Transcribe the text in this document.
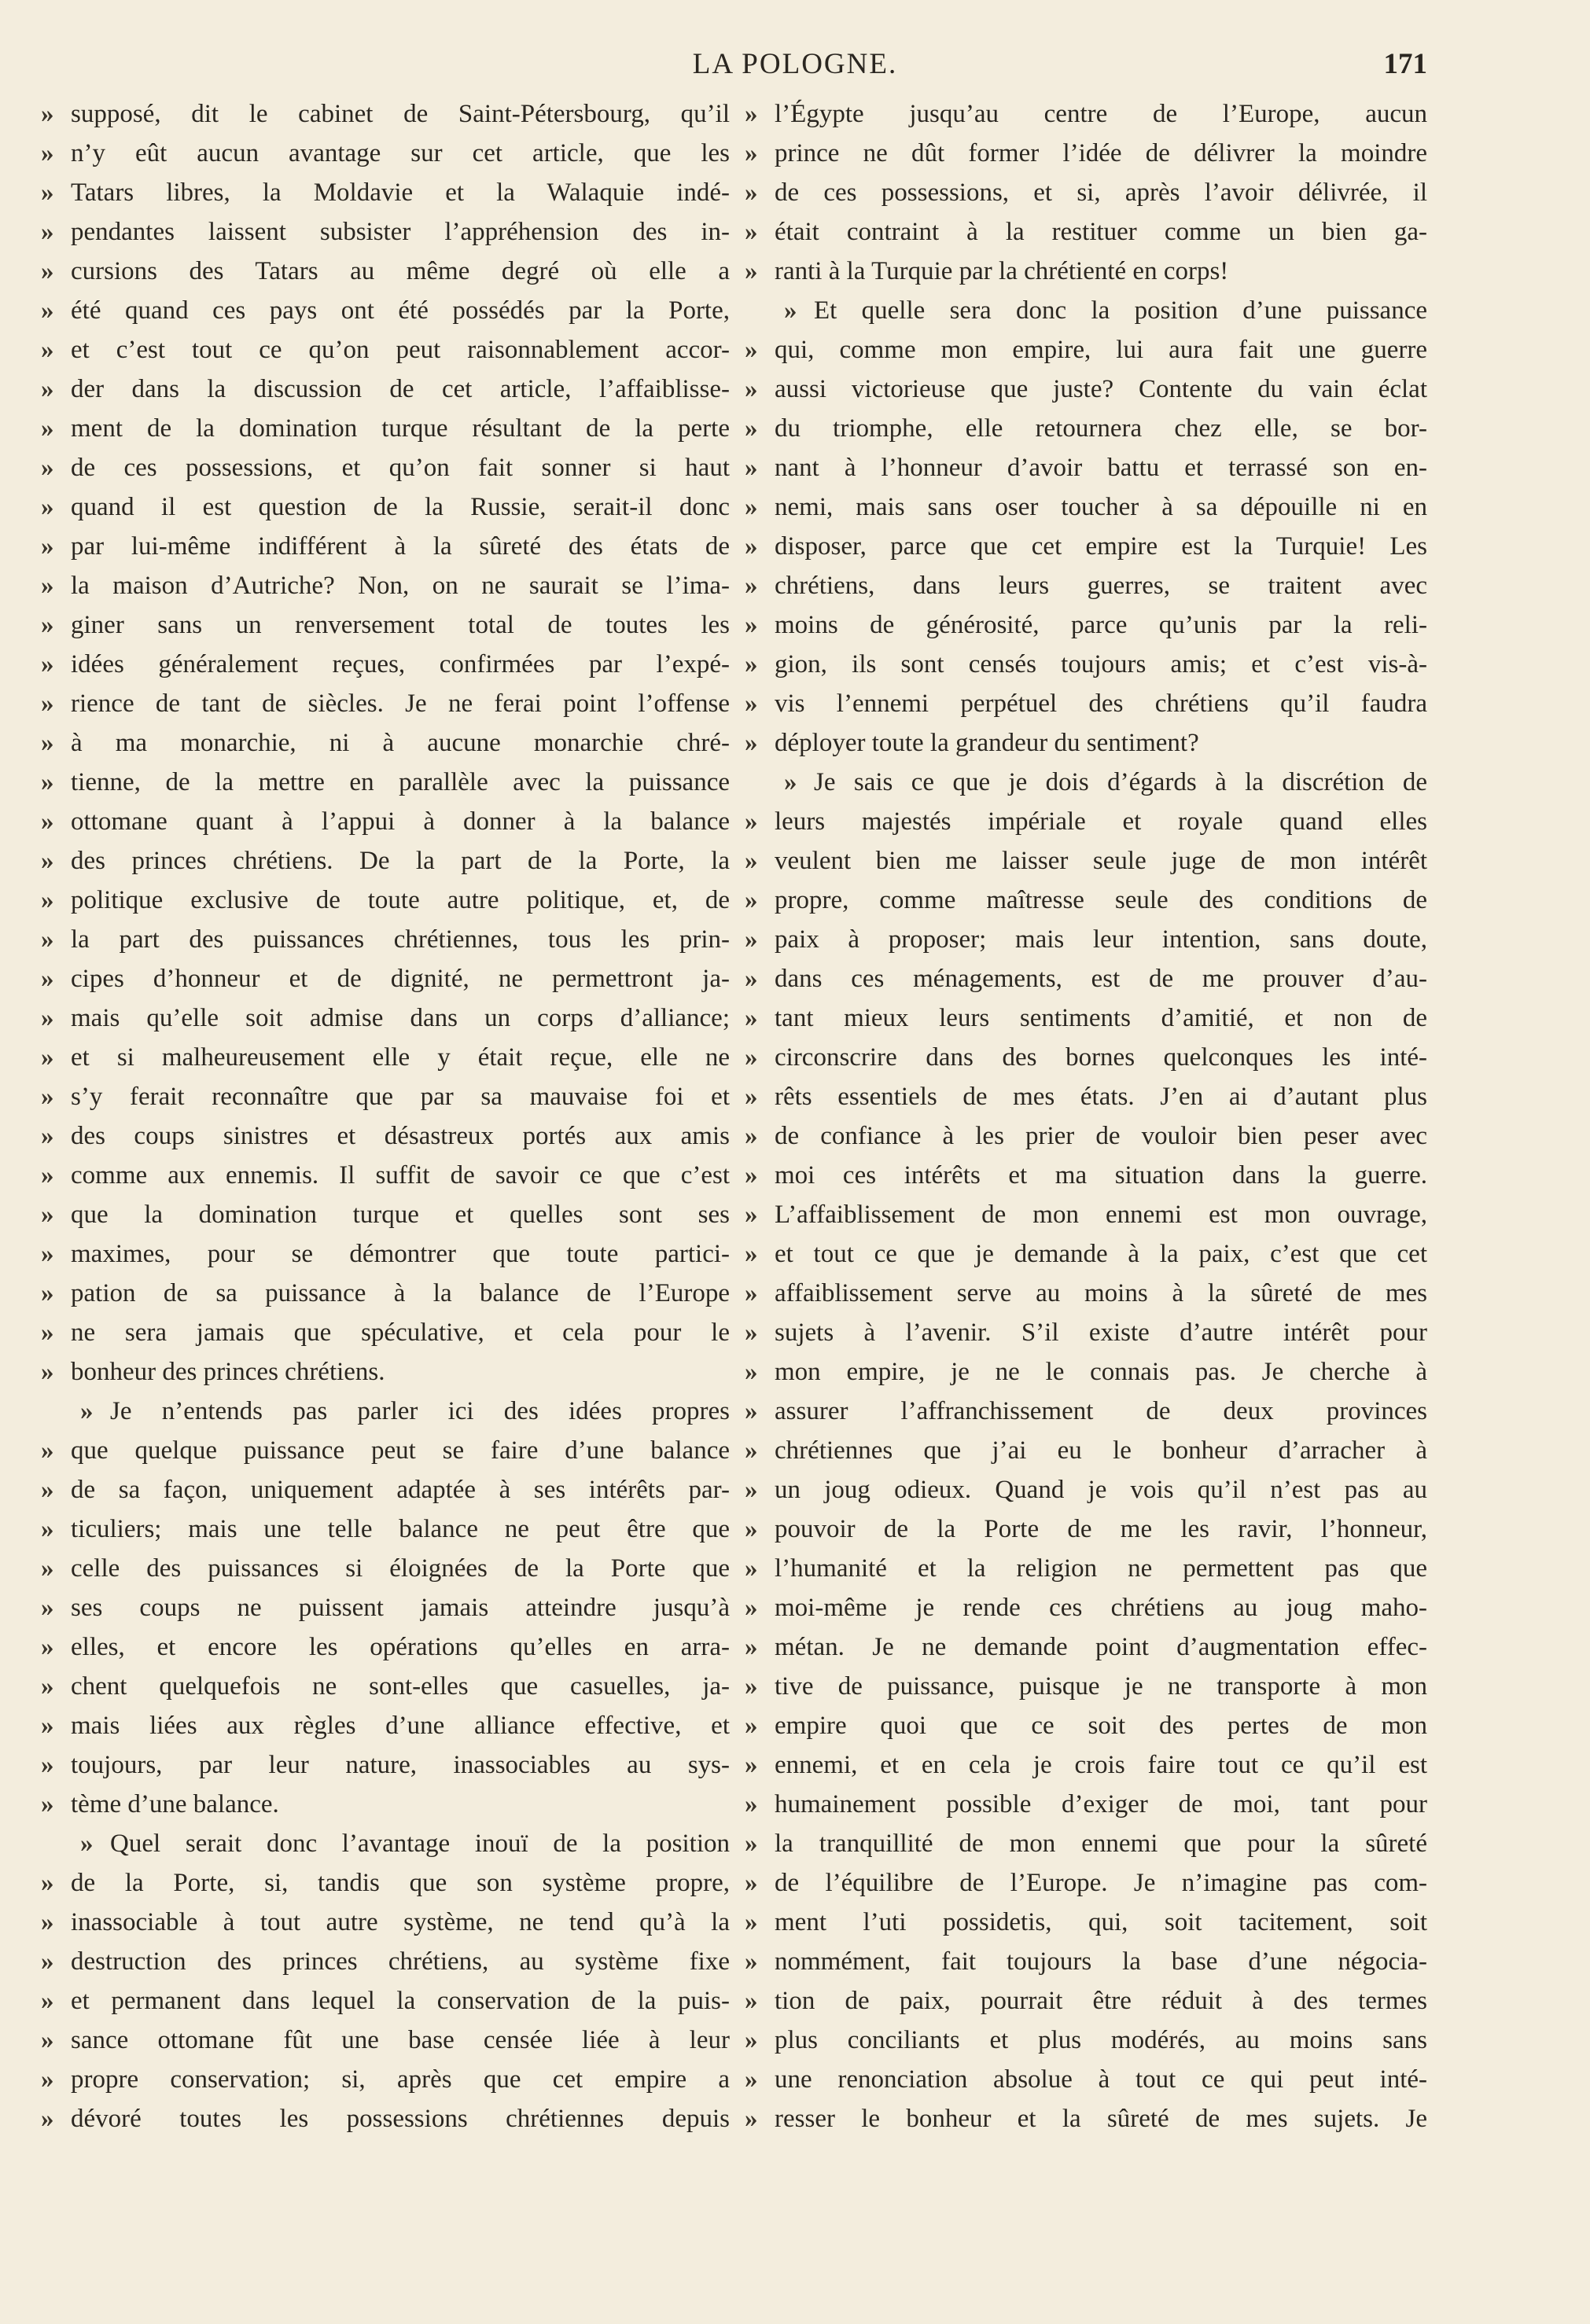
LA POLOGNE.	171
» supposé, dit le cabinet de Saint-Pétersbourg, qu’il
» n’y eût aucun avantage sur cet article, que les
» Tatars libres, la Moldavie et la Walaquie indé-
» pendantes laissent subsister l’appréhension des in-
» cursions des Tatars au même degré où elle a
» été quand ces pays ont été possédés par la Porte,
» et c’est tout ce qu’on peut raisonnablement accor-
» der dans la discussion de cet article, l’affaiblisse-
» ment de la domination turque résultant de la perte
» de ces possessions, et qu’on fait sonner si haut
» quand il est question de la Russie, serait-il donc
» par lui-même indifférent à la sûreté des états de
» la maison d’Autriche? Non, on ne saurait se l’ima-
» giner sans un renversement total de toutes les
» idées généralement reçues, confirmées par l’expé-
» rience de tant de siècles. Je ne ferai point l’offense
» à ma monarchie, ni à aucune monarchie chré-
» tienne, de la mettre en parallèle avec la puissance
» ottomane quant à l’appui à donner à la balance
» des princes chrétiens. De la part de la Porte, la
» politique exclusive de toute autre politique, et, de
» la part des puissances chrétiennes, tous les prin-
» cipes d’honneur et de dignité, ne permettront ja-
» mais qu’elle soit admise dans un corps d’alliance;
» et si malheureusement elle y était reçue, elle ne
» s’y ferait reconnaître que par sa mauvaise foi et
» des coups sinistres et désastreux portés aux amis
» comme aux ennemis. Il suffit de savoir ce que c’est
» que la domination turque et quelles sont ses
» maximes, pour se démontrer que toute partici-
» pation de sa puissance à la balance de l’Europe
» ne sera jamais que spéculative, et cela pour le
» bonheur des princes chrétiens.
» Je n’entends pas parler ici des idées propres
» que quelque puissance peut se faire d’une balance
» de sa façon, uniquement adaptée à ses intérêts par-
» ticuliers; mais une telle balance ne peut être que
» celle des puissances si éloignées de la Porte que
» ses coups ne puissent jamais atteindre jusqu’à
» elles, et encore les opérations qu’elles en arra-
» chent quelquefois ne sont-elles que casuelles, ja-
» mais liées aux règles d’une alliance effective, et
» toujours, par leur nature, inassociables au sys-
» tème d’une balance.
» Quel serait donc l’avantage inouï de la position
» de la Porte, si, tandis que son système propre,
» inassociable à tout autre système, ne tend qu’à la
» destruction des princes chrétiens, au système fixe
» et permanent dans lequel la conservation de la puis-
» sance ottomane fût une base censée liée à leur
» propre conservation; si, après que cet empire a
» dévoré toutes les possessions chrétiennes depuis
» l’Égypte jusqu’au centre de l’Europe, aucun
» prince ne dût former l’idée de délivrer la moindre
» de ces possessions, et si, après l’avoir délivrée, il
» était contraint à la restituer comme un bien ga-
» ranti à la Turquie par la chrétienté en corps!
» Et quelle sera donc la position d’une puissance
» qui, comme mon empire, lui aura fait une guerre
» aussi victorieuse que juste? Contente du vain éclat
» du triomphe, elle retournera chez elle, se bor-
» nant à l’honneur d’avoir battu et terrassé son en-
» nemi, mais sans oser toucher à sa dépouille ni en
» disposer, parce que cet empire est la Turquie! Les
» chrétiens, dans leurs guerres, se traitent avec
» moins de générosité, parce qu’unis par la reli-
» gion, ils sont censés toujours amis; et c’est vis-à-
» vis l’ennemi perpétuel des chrétiens qu’il faudra
» déployer toute la grandeur du sentiment?
» Je sais ce que je dois d’égards à la discrétion de
» leurs majestés impériale et royale quand elles
» veulent bien me laisser seule juge de mon intérêt
» propre, comme maîtresse seule des conditions de
» paix à proposer; mais leur intention, sans doute,
» dans ces ménagements, est de me prouver d’au-
» tant mieux leurs sentiments d’amitié, et non de
» circonscrire dans des bornes quelconques les inté-
» rêts essentiels de mes états. J’en ai d’autant plus
» de confiance à les prier de vouloir bien peser avec
» moi ces intérêts et ma situation dans la guerre.
» L’affaiblissement de mon ennemi est mon ouvrage,
» et tout ce que je demande à la paix, c’est que cet
» affaiblissement serve au moins à la sûreté de mes
» sujets à l’avenir. S’il existe d’autre intérêt pour
» mon empire, je ne le connais pas. Je cherche à
» assurer l’affranchissement de deux provinces
» chrétiennes que j’ai eu le bonheur d’arracher à
» un joug odieux. Quand je vois qu’il n’est pas au
» pouvoir de la Porte de me les ravir, l’honneur,
» l’humanité et la religion ne permettent pas que
» moi-même je rende ces chrétiens au joug maho-
» métan. Je ne demande point d’augmentation effec-
» tive de puissance, puisque je ne transporte à mon
» empire quoi que ce soit des pertes de mon
» ennemi, et en cela je crois faire tout ce qu’il est
» humainement possible d’exiger de moi, tant pour
» la tranquillité de mon ennemi que pour la sûreté
» de l’équilibre de l’Europe. Je n’imagine pas com-
» ment l’uti possidetis, qui, soit tacitement, soit
» nommément, fait toujours la base d’une négocia-
» tion de paix, pourrait être réduit à des termes
» plus conciliants et plus modérés, au moins sans
» une renonciation absolue à tout ce qui peut inté-
» resser le bonheur et la sûreté de mes sujets. Je
